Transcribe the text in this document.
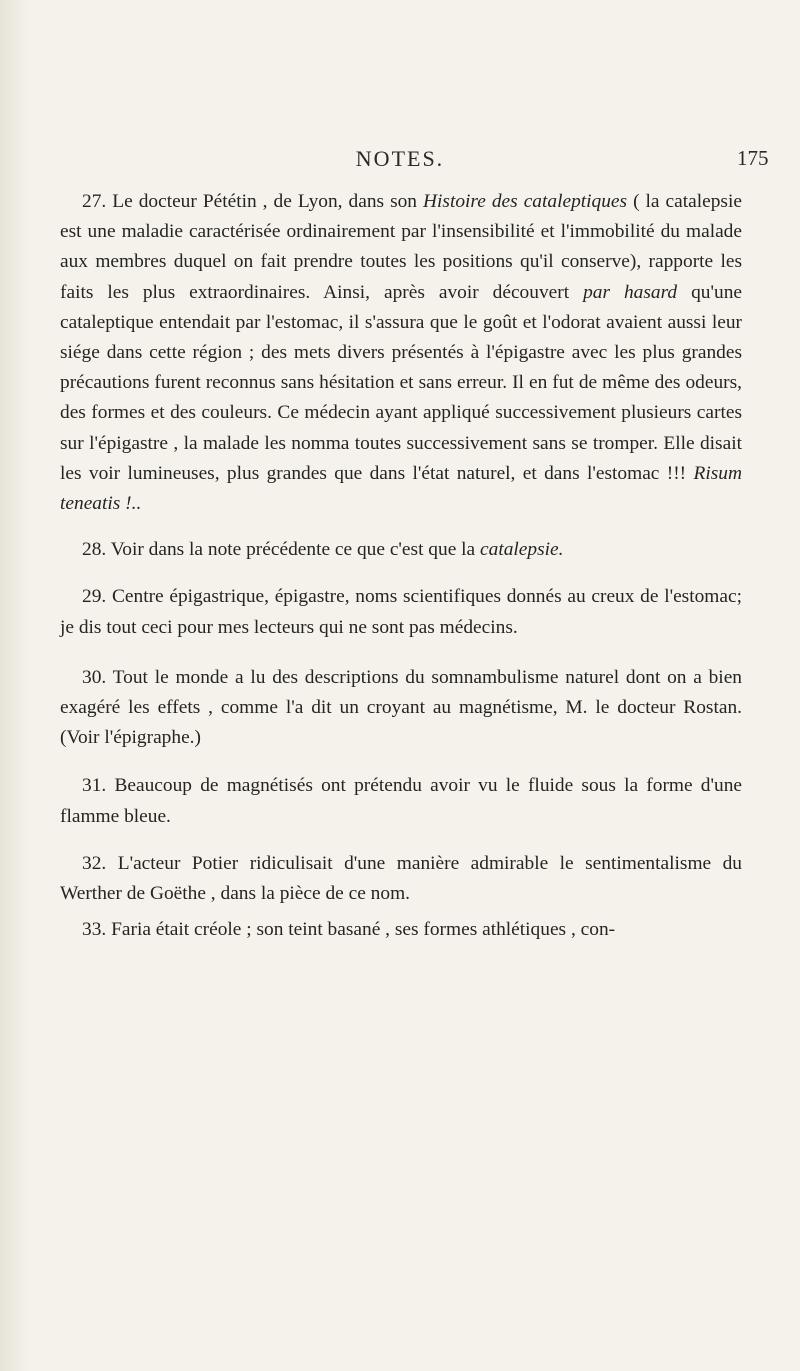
NOTES.	175

27. Le docteur Pététin , de Lyon, dans son Histoire des cataleptiques ( la catalepsie est une maladie caractérisée ordinairement par l'insensibilité et l'immobilité du malade aux membres duquel on fait prendre toutes les positions qu'il conserve), rapporte les faits les plus extraordinaires. Ainsi, après avoir découvert par hasard qu'une cataleptique entendait par l'estomac, il s'assura que le goût et l'odorat avaient aussi leur siége dans cette région ; des mets divers présentés à l'épigastre avec les plus grandes précautions furent reconnus sans hésitation et sans erreur. Il en fut de même des odeurs, des formes et des couleurs. Ce médecin ayant appliqué successivement plusieurs cartes sur l'épigastre , la malade les nomma toutes successivement sans se tromper. Elle disait les voir lumineuses, plus grandes que dans l'état naturel, et dans l'estomac !!! Risum teneatis !..

28. Voir dans la note précédente ce que c'est que la catalepsie.

29. Centre épigastrique, épigastre, noms scientifiques donnés au creux de l'estomac; je dis tout ceci pour mes lecteurs qui ne sont pas médecins.

30. Tout le monde a lu des descriptions du somnambulisme naturel dont on a bien exagéré les effets , comme l'a dit un croyant au magnétisme, M. le docteur Rostan. (Voir l'épigraphe.)

31. Beaucoup de magnétisés ont prétendu avoir vu le fluide sous la forme d'une flamme bleue.

32. L'acteur Potier ridiculisait d'une manière admirable le sentimentalisme du Werther de Goëthe , dans la pièce de ce nom.

33. Faria était créole ; son teint basané , ses formes athlétiques , con-
